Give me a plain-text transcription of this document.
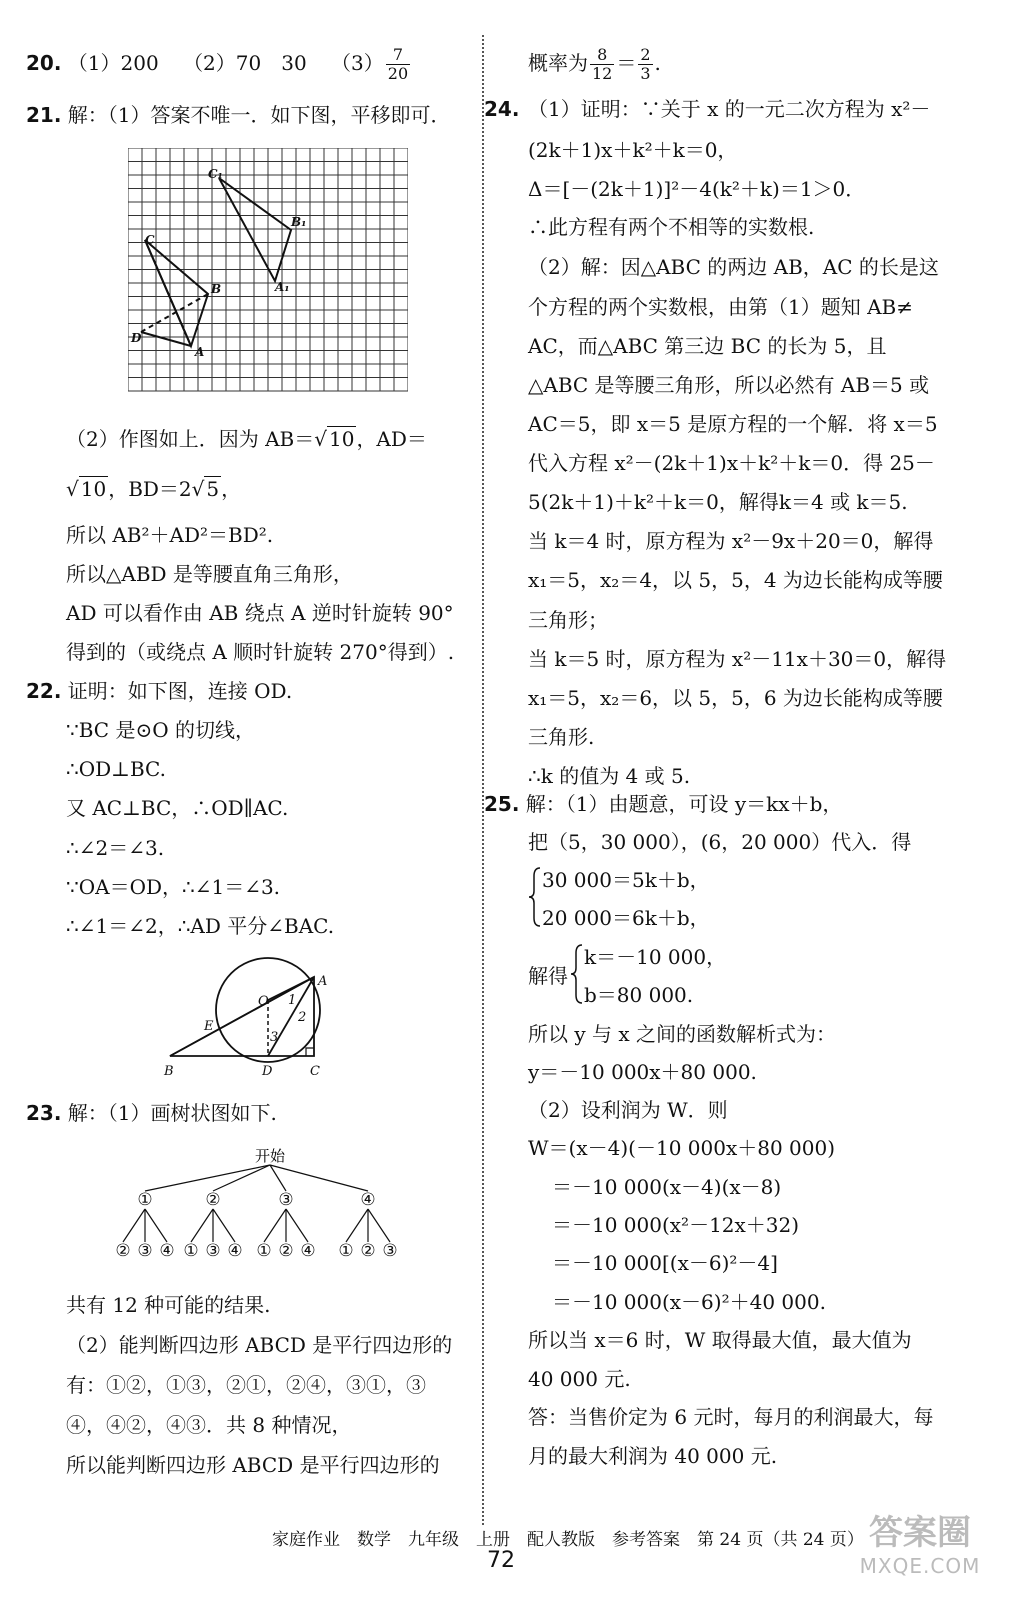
20. （1）200 （2）70　30 $(3) \frac{7}{20}$
21. 解：（1）答案不唯一．如下图，平移即可．
C₁
B₁
A₁
C
B
D
A
（2）作图如上．因为 AB＝√ 10 ，AD＝
√ 10 ，BD＝2√ 5 ，
所以 AB²＋AD²＝BD².
所以△ABD 是等腰直角三角形，
AD 可以看作由 AB 绕点 A 逆时针旋转 90°
得到的（或绕点 A 顺时针旋转 270°得到）.
22. 证明：如下图，连接 OD.
∵BC 是⊙O 的切线，
∴OD⊥BC.
又 AC⊥BC，∴OD∥AC.
∴∠2＝∠3.
∵OA＝OD，∴∠1＝∠3.
∴∠1＝∠2，∴AD 平分∠BAC.
O
A
E
B	D	C
1
2
3
23. 解：（1）画树状图如下.
开始
①
② ③ ④
②
① ③ ④
③
① ② ④
④
① ② ③
共有 12 种可能的结果.
（2）能判断四边形 ABCD 是平行四边形的
有：①②，①③，②①，②④，③①，③
④，④②，④③．共 8 种情况，
所以能判断四边形 ABCD 是平行四边形的
概率为 $\frac{8}{12} = \frac{2}{3}$ .
24. （1）证明：∵关于 x 的一元二次方程为 x²－
(2k＋1)x＋k²＋k＝0，
Δ＝[－(2k＋1)]²－4(k²＋k)＝1＞0．
∴此方程有两个不相等的实数根.
（2）解：因△ABC 的两边 AB，AC 的长是这
个方程的两个实数根，由第（1）题知 AB≠
AC，而△ABC 第三边 BC 的长为 5，且
△ABC 是等腰三角形，所以必然有 AB＝5 或
AC＝5，即 x＝5 是原方程的一个解．将 x＝5
代入方程 x²－(2k＋1)x＋k²＋k＝0．得 25－
5(2k＋1)＋k²＋k＝0，解得k＝4 或 k＝5.
当 k＝4 时，原方程为 x²－9x＋20＝0，解得
x₁＝5，x₂＝4，以 5，5，4 为边长能构成等腰
三角形；
当 k＝5 时，原方程为 x²－11x＋30＝0，解得
x₁＝5，x₂＝6，以 5，5，6 为边长能构成等腰
三角形.
∴k 的值为 4 或 5.
25. 解：（1）由题意，可设 y＝kx＋b，
把（5，30 000），(6，20 000）代入．得
30 000＝5k＋b，
20 000＝6k＋b，
解得
k＝－10 000，
b＝80 000.
所以 y 与 x 之间的函数解析式为：
y＝－10 000x＋80 000.
（2）设利润为 W．则
W＝(x－4)(－10 000x＋80 000)
＝－10 000(x－4)(x－8)
＝－10 000(x²－12x＋32)
＝－10 000[(x－6)²－4]
＝－10 000(x－6)²＋40 000.
所以当 x＝6 时，W 取得最大值，最大值为
40 000 元.
答：当售价定为 6 元时，每月的利润最大，每
月的最大利润为 40 000 元.
家庭作业　数学　九年级　上册　配人教版　参考答案　第 24 页（共 24 页）
72
答案圈
MXQE.COM
